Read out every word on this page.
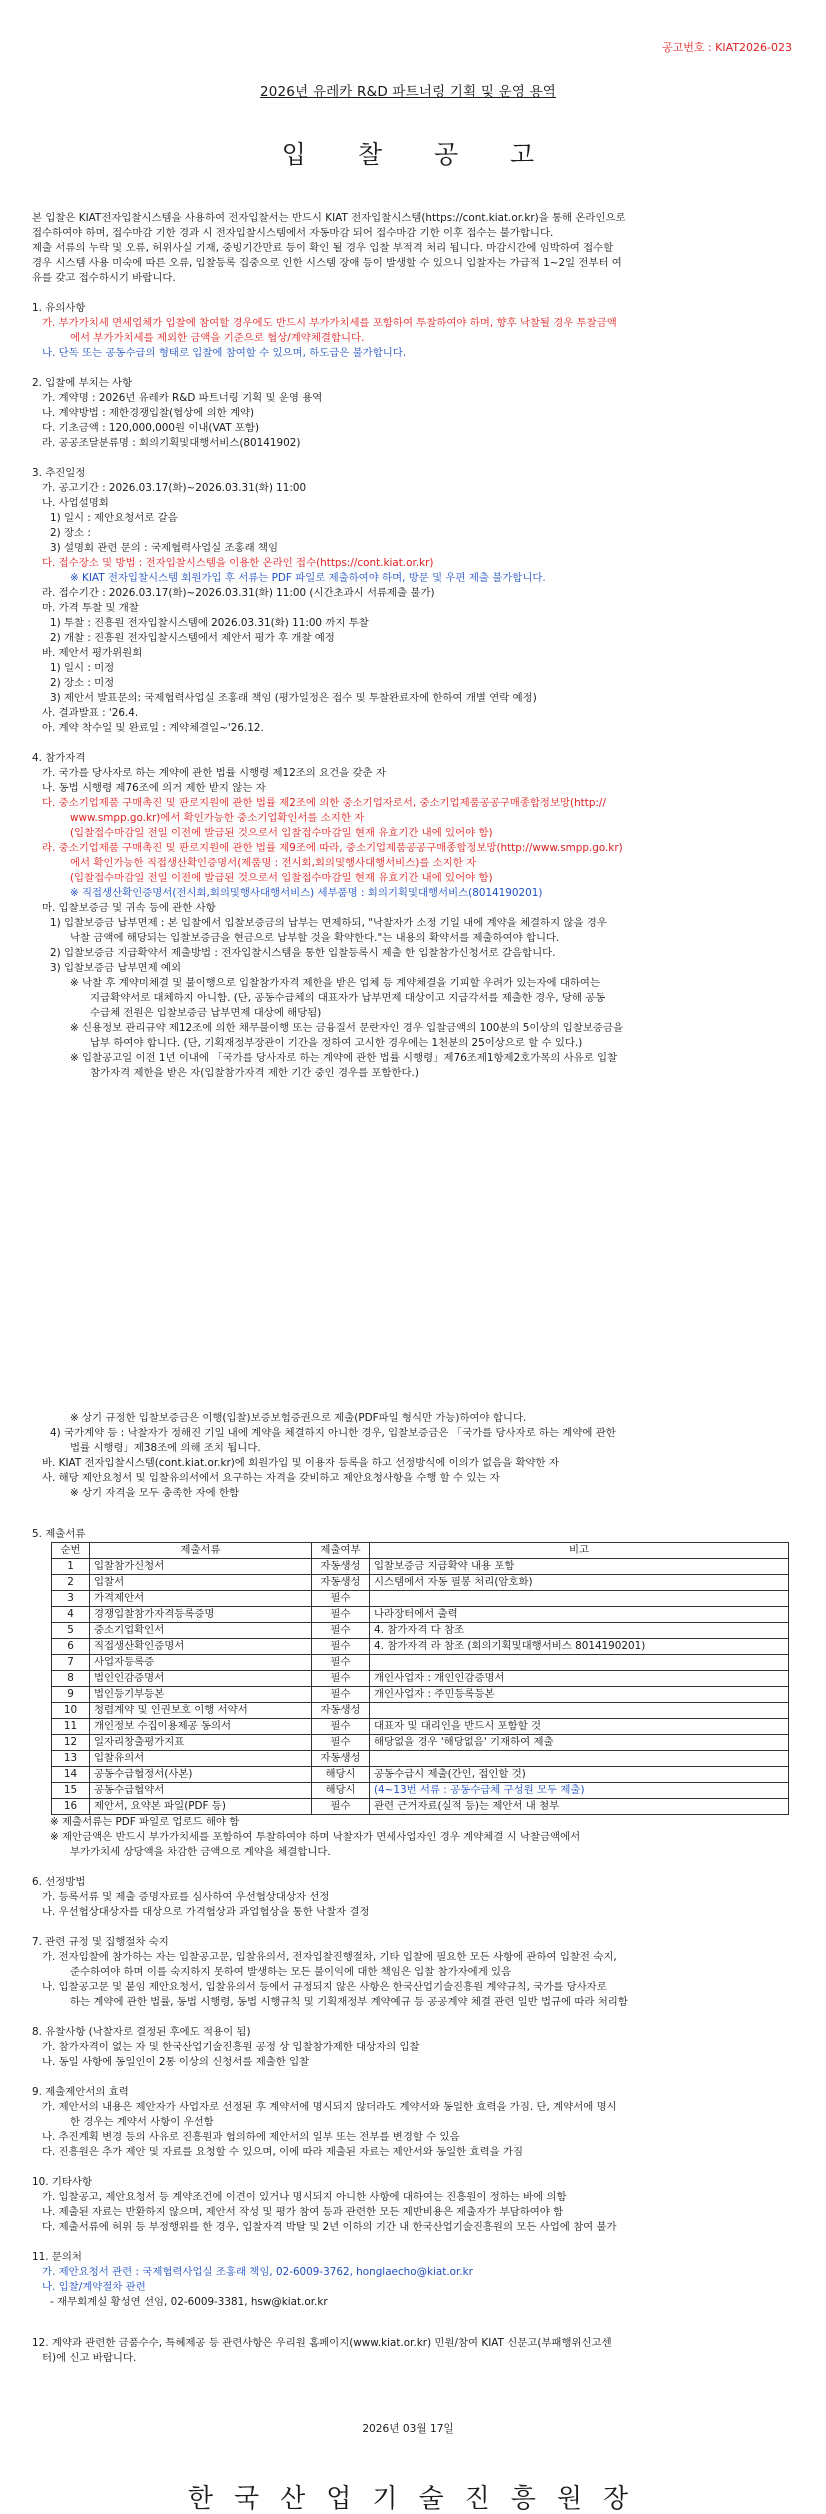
공고번호 : KIAT2026-023
2026년 유레카 R&D 파트너링 기획 및 운영 용역
입 찰 공 고

본 입찰은 KIAT전자입찰시스템을 사용하여 전자입찰서는 반드시 KIAT 전자입찰시스템(https://cont.kiat.or.kr)을 통해 온라인으로

접수하여야 하며, 접수마감 기한 경과 시 전자입찰시스템에서 자동마감 되어 접수마감 기한 이후 접수는 불가합니다.

제출 서류의 누락 및 오류, 허위사실 기재, 중빙기간만료 등이 확인 될 경우 입찰 부적격 처리 됩니다. 마감시간에 임박하여 접수할

경우 시스템 사용 미숙에 따른 오류, 입찰등록 집중으로 인한 시스템 장애 등이 발생할 수 있으니 입찰자는 가급적 1~2일 전부터 여

유를 갖고 접수하시기 바랍니다.

1. 유의사항

가. 부가가치세 면세업체가 입찰에 참여할 경우에도 반드시 부가가치세를 포함하여 투찰하여야 하며, 향후 낙찰될 경우 투찰금액

에서 부가가치세를 제외한 금액을 기준으로 협상/계약체결합니다.

나. 단독 또는 공동수급의 형태로 입찰에 참여할 수 있으며, 하도급은 불가합니다.

2. 입찰에 부치는 사항

가. 계약명 : 2026년 유레카 R&D 파트너링 기획 및 운영 용역

나. 계약방법 : 제한경쟁입찰(협상에 의한 계약)

다. 기초금액 : 120,000,000원 이내(VAT 포함)

라. 공공조달분류명 : 회의기획및대행서비스(80141902)

3. 추진일정

가. 공고기간 : 2026.03.17(화)~2026.03.31(화) 11:00

나. 사업설명회

1) 일시 : 제안요청서로 갈음

2) 장소 :

3) 설명회 관련 문의 : 국제협력사업실 조홍래 책임

다. 접수장소 및 방법 : 전자입찰시스템을 이용한 온라인 접수(https://cont.kiat.or.kr)

※ KIAT 전자입찰시스템 회원가입 후 서류는 PDF 파일로 제출하여야 하며, 방문 및 우편 제출 불가합니다.

라. 접수기간 : 2026.03.17(화)~2026.03.31(화) 11:00 (시간초과시 서류제출 불가)

마. 가격 투찰 및 개찰

1) 투찰 : 진흥원 전자입찰시스템에 2026.03.31(화) 11:00 까지 투찰

2) 개찰 : 진흥원 전자입찰시스템에서 제안서 평가 후 개찰 예정

바. 제안서 평가위원회

1) 일시 : 미정

2) 장소 : 미정

3) 제안서 발표문의: 국제협력사업실 조홍래 책임 (평가일정은 접수 및 투찰완료자에 한하여 개별 연락 예정)

사. 결과발표 : '26.4.

아. 계약 착수일 및 완료일 : 계약체결일~'26.12.

4. 참가자격

가. 국가를 당사자로 하는 계약에 관한 법률 시행령 제12조의 요건을 갖춘 자

나. 동법 시행령 제76조에 의거 제한 받지 않는 자

다. 중소기업제품 구매촉진 및 판로지원에 관한 법률 제2조에 의한 중소기업자로서, 중소기업제품공공구매종합정보망(http://

www.smpp.go.kr)에서 확인가능한 중소기업확인서를 소지한 자

(입찰접수마감일 전일 이전에 발급된 것으로서 입찰접수마감일 현재 유효기간 내에 있어야 함)

라. 중소기업제품 구매촉진 및 판로지원에 관한 법률 제9조에 따라, 중소기업제품공공구매종합정보망(http://www.smpp.go.kr)

에서 확인가능한 직접생산확인증명서(제품명 : 전시회,회의및행사대행서비스)를 소지한 자

(입찰접수마감일 전일 이전에 발급된 것으로서 입찰접수마감일 현재 유효기간 내에 있어야 함)

※ 직접생산확인증명서(전시회,회의및행사대행서비스) 세부품명 : 회의기획및대행서비스(8014190201)

마. 입찰보증금 및 귀속 등에 관한 사항

1) 입찰보증금 납부면제 : 본 입찰에서 입찰보증금의 납부는 면제하되, "낙찰자가 소정 기일 내에 계약을 체결하지 않을 경우

낙찰 금액에 해당되는 입찰보증금을 현금으로 납부할 것을 확약한다."는 내용의 확약서를 제출하여야 합니다.

2) 입찰보증금 지급확약서 제출방법 : 전자입찰시스템을 통한 입찰등록시 제출 한 입찰참가신청서로 갈음합니다.

3) 입찰보증금 납부면제 예외

※ 낙찰 후 계약미체결 및 불이행으로 입찰참가자격 제한을 받은 업체 등 계약체결을 기피할 우려가 있는자에 대하여는

지급확약서로 대체하지 아니함. (단, 공동수급체의 대표자가 납부면제 대상이고 지급각서를 제출한 경우, 당해 공동

수급체 전원은 입찰보증금 납부면제 대상에 해당됨)

※ 신용정보 관리규약 제12조에 의한 채무불이행 또는 금융질서 문란자인 경우 입찰금액의 100분의 5이상의 입찰보증금을

납부 하여야 합니다. (단, 기획재정부장관이 기간을 정하여 고시한 경우에는 1천분의 25이상으로 할 수 있다.)

※ 입찰공고일 이전 1년 이내에 「국가를 당사자로 하는 계약에 관한 법률 시행령」제76조제1항제2호가목의 사유로 입찰

참가자격 제한을 받은 자(입찰참가자격 제한 기간 중인 경우를 포함한다.)

※ 상기 규정한 입찰보증금은 이행(입찰)보증보험증권으로 제출(PDF파일 형식만 가능)하여야 합니다.

4) 국가계약 등 : 낙찰자가 정해진 기일 내에 계약을 체결하지 아니한 경우, 입찰보증금은 「국가를 당사자로 하는 계약에 관한

법률 시행령」제38조에 의해 조치 됩니다.

바. KIAT 전자입찰시스템(cont.kiat.or.kr)에 회원가입 및 이용자 등록을 하고 선정방식에 이의가 없음을 확약한 자

사. 해당 제안요청서 및 입찰유의서에서 요구하는 자격을 갖비하고 제안요청사항을 수행 할 수 있는 자

※ 상기 자격을 모두 충족한 자에 한함

5. 제출서류

순번	제출서류	제출여부	비고
1	입찰참가신청서	자동생성	입찰보증금 지급확약 내용 포함
2	입찰서	자동생성	시스템에서 자동 필봉 처리(암호화)
3	가격제안서	필수	
4	경쟁입찰참가자격등록증명	필수	나라장터에서 출력
5	중소기업확인서	필수	4. 참가자격 다 참조
6	직접생산확인증명서	필수	4. 참가자격 라 참조 (회의기획및대행서비스 8014190201)
7	사업자등록증	필수	
8	법인인감증명서	필수	개인사업자 : 개인인감증명서
9	법인등기부등본	필수	개인사업자 : 주민등록등본
10	청렴계약 및 인권보호 이행 서약서	자동생성	
11	개인정보 수집이용제공 동의서	필수	대표자 및 대리인을 반드시 포함할 것
12	일자리창출평가지표	필수	해당없을 경우 '해당없음' 기재하여 제출
13	입찰유의서	자동생성	
14	공동수급협정서(사본)	해당시	공동수급시 제출(간인, 접인할 것)
15	공동수급협약서	해당시	(4~13번 서류 : 공동수급체 구성원 모두 제출)
16	제안서, 요약본 파일(PDF 등)	필수	관련 근거자료(실적 등)는 제안서 내 첨부

※ 제출서류는 PDF 파일로 업로드 해야 함

※ 제안금액은 반드시 부가가치세를 포함하여 투찰하여야 하며 낙찰자가 면세사업자인 경우 계약체결 시 낙찰금액에서

부가가치세 상당액을 차감한 금액으로 계약을 체결합니다.

6. 선정방법

가. 등록서류 및 제출 증명자료를 심사하여 우선협상대상자 선정

나. 우선협상대상자를 대상으로 가격협상과 과업협상을 통한 낙찰자 결정

7. 관련 규정 및 집행절차 숙지

가. 전자입찰에 참가하는 자는 입찰공고문, 입찰유의서, 전자입찰진행절차, 기타 입찰에 필요한 모든 사항에 관하여 입찰전 숙지,

준수하여야 하며 이를 숙지하지 못하여 발생하는 모든 불이익에 대한 책임은 입찰 참가자에게 있음

나. 입찰공고문 및 붙임 제안요청서, 입찰유의서 등에서 규정되지 않은 사항은 한국산업기술진흥원 계약규칙, 국가를 당사자로

하는 계약에 관한 법률, 동법 시행령, 동법 시행규칙 및 기획재정부 계약예규 등 공공계약 체결 관련 일반 법규에 따라 처리함

8. 유찰사항 (낙찰자로 결정된 후에도 적용이 됨)

가. 참가자격이 없는 자 및 한국산업기술진흥원 공정 상 입찰참가제한 대상자의 입찰

나. 동일 사항에 동일인이 2통 이상의 신청서를 제출한 입찰

9. 제출제안서의 효력

가. 제안서의 내용은 제안자가 사업자로 선정된 후 계약서에 명시되지 않더라도 계약서와 동일한 효력을 가짐. 단, 계약서에 명시

한 경우는 계약서 사항이 우선함

나. 추진계획 변경 등의 사유로 진흥원과 협의하에 제안서의 일부 또는 전부를 변경할 수 있음

다. 진흥원은 추가 제안 및 자료를 요청할 수 있으며, 이에 따라 제출된 자료는 제안서와 동일한 효력을 가짐

10. 기타사항

가. 입찰공고, 제안요청서 등 계약조건에 이견이 있거나 명시되지 아니한 사항에 대하여는 진흥원이 정하는 바에 의함

나. 제출된 자료는 반환하지 않으며, 제안서 작성 및 평가 참여 등과 관련한 모든 제반비용은 제출자가 부담하여야 함

다. 제출서류에 허위 등 부정행위를 한 경우, 입찰자격 박탈 및 2년 이하의 기간 내 한국산업기술진흥원의 모든 사업에 참여 불가

11. 문의처

가. 제안요청서 관련 : 국제협력사업실 조홍래 책임, 02-6009-3762, honglaecho@kiat.or.kr

나. 입찰/계약절차 관련

- 재무회계실 황성연 선임, 02-6009-3381, hsw@kiat.or.kr

12. 계약과 관련한 금품수수, 특혜제공 등 관련사항은 우리원 홈페이지(www.kiat.or.kr) 민원/참여 KIAT 신문고(부패행위신고센

터)에 신고 바랍니다.

2026년 03월 17일
한국산업기술진흥원장
